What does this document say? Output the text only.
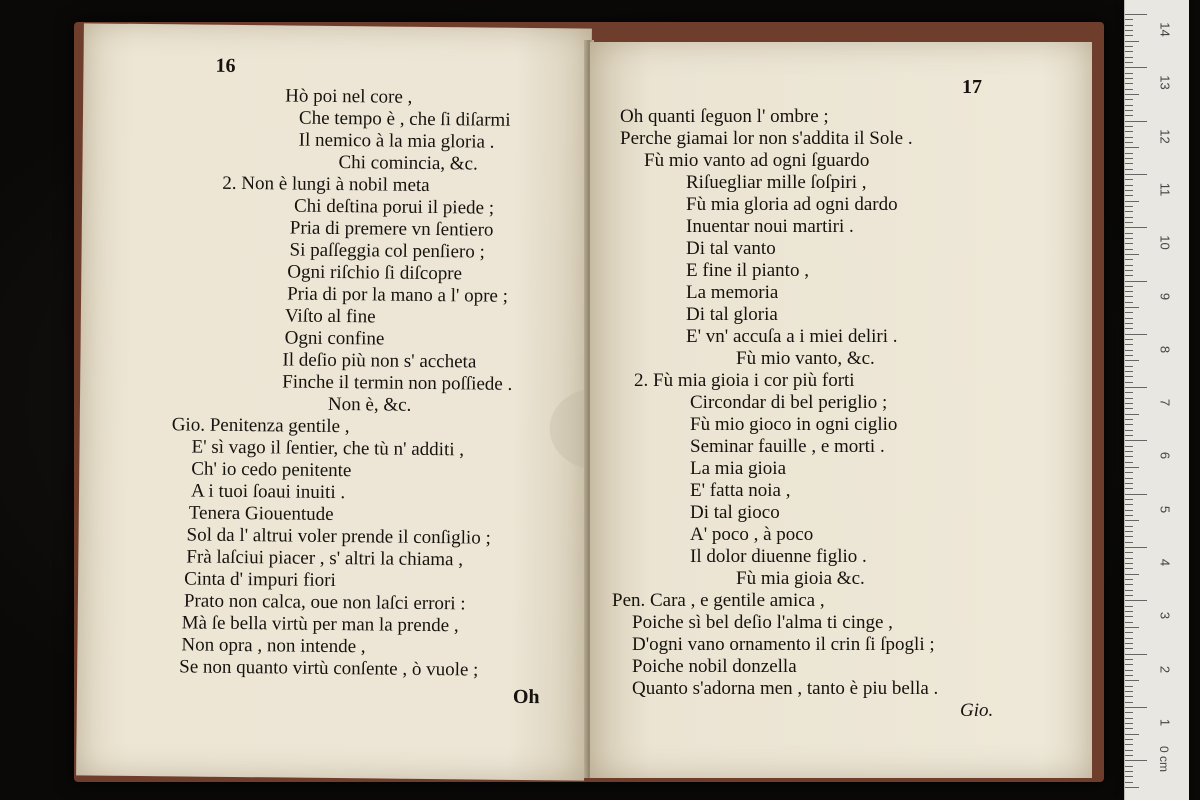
16
Hò poi nel core ,
Che tempo è , che ſi diſarmi
Il nemico à la mia gloria .
Chi comincia, &c.
2. Non è lungi à nobil meta
Chi deſtina porui il piede ;
Pria di premere vn ſentiero
Si paſſeggia col penſiero ;
Ogni riſchio ſi diſcopre
Pria di por la mano a l' opre ;
Viſto al fine
Ogni confine
Il deſio più non s' accheta
Finche il termin non poſſiede .
Non è, &c.
Gio. Penitenza gentile ,
E' sì vago il ſentier, che tù n' additi ,
Ch' io cedo penitente
A i tuoi ſoaui inuiti .
Tenera Giouentude
Sol da l' altrui voler prende il conſiglio ;
Frà laſciui piacer , s' altri la chiama ,
Cinta d' impuri fiori
Prato non calca, oue non laſci errori :
Mà ſe bella virtù per man la prende ,
Non opra , non intende ,
Se non quanto virtù conſente , ò vuole ;
Oh
17
Oh quanti ſeguon l' ombre ;
Perche giamai lor non s'addita il Sole .
Fù mio vanto ad ogni ſguardo
Riſuegliar mille ſoſpiri ,
Fù mia gloria ad ogni dardo
Inuentar noui martiri .
Di tal vanto
E fine il pianto ,
La memoria
Di tal gloria
E' vn' accuſa a i miei deliri .
Fù mio vanto, &c.
2. Fù mia gioia i cor più forti
Circondar di bel periglio ;
Fù mio gioco in ogni ciglio
Seminar fauille , e morti .
La mia gioia
E' fatta noia ,
Di tal gioco
A' poco , à poco
Il dolor diuenne figlio .
Fù mia gioia &c.
Pen. Cara , e gentile amica ,
Poiche sì bel deſio l'alma ti cinge ,
D'ogni vano ornamento il crin ſi ſpogli ;
Poiche nobil donzella
Quanto s'adorna men , tanto è piu bella .
Gio.
0 cm
14
13
12
11
10
9
8
7
6
5
4
3
2
1
